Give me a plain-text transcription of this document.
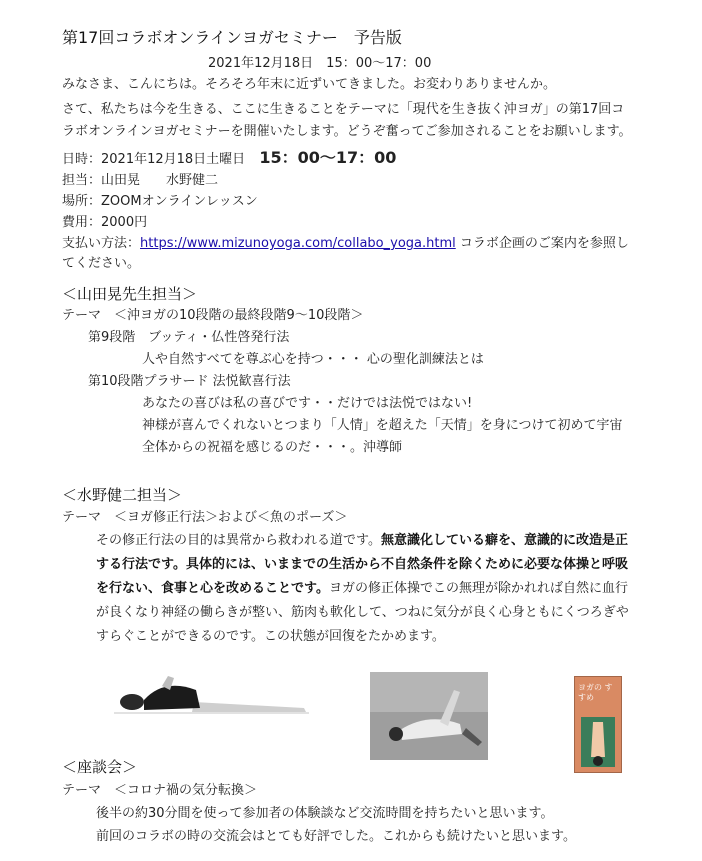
第17回コラボオンラインヨガセミナー　予告版
2021年12月18日　15：00〜17：00
みなさま、こんにちは。そろそろ年末に近ずいてきました。お変わりありませんか。
さて、私たちは今を生きる、ここに生きることをテーマに「現代を生き抜く沖ヨガ」の第17回コ
ラボオンラインヨガセミナーを開催いたします。どうぞ奮ってご参加されることをお願いします。
日時：2021年12月18日土曜日 15：00〜17：00
担当：山田晃　　水野健二
場所：ZOOMオンラインレッスン
費用：2000円
支払い方法：https://www.mizunoyoga.com/collabo_yoga.html コラボ企画のご案内を参照し
てください。
＜山田晃先生担当＞
テーマ　＜沖ヨガの10段階の最終段階9〜10段階＞
第9段階　ブッティ・仏性啓発行法
人や自然すべてを尊ぶ心を持つ・・・ 心の聖化訓練法とは
第10段階プラサード 法悦歓喜行法
あなたの喜びは私の喜びです・・だけでは法悦ではない!
神様が喜んでくれないとつまり「人情」を超えた「天情」を身につけて初めて宇宙
全体からの祝福を感じるのだ・・・。沖導師
＜水野健二担当＞
テーマ　＜ヨガ修正行法＞および＜魚のポーズ＞
その修正行法の目的は異常から救われる道です。無意識化している癖を、意識的に改造是正
する行法です。具体的には、いままでの生活から不自然条件を除くために必要な体操と呼吸
を行ない、食事と心を改めることです。ヨガの修正体操でこの無理が除かれれば自然に血行
が良くなり神経の働らきが整い、筋肉も軟化して、つねに気分が良く心身ともにくつろぎや
すらぐことができるのです。この状態が回復をたかめます。
ヨガの すすめ
＜座談会＞
テーマ　＜コロナ禍の気分転換＞
後半の約30分間を使って参加者の体験談など交流時間を持ちたいと思います。
前回のコラボの時の交流会はとても好評でした。これからも続けたいと思います。
